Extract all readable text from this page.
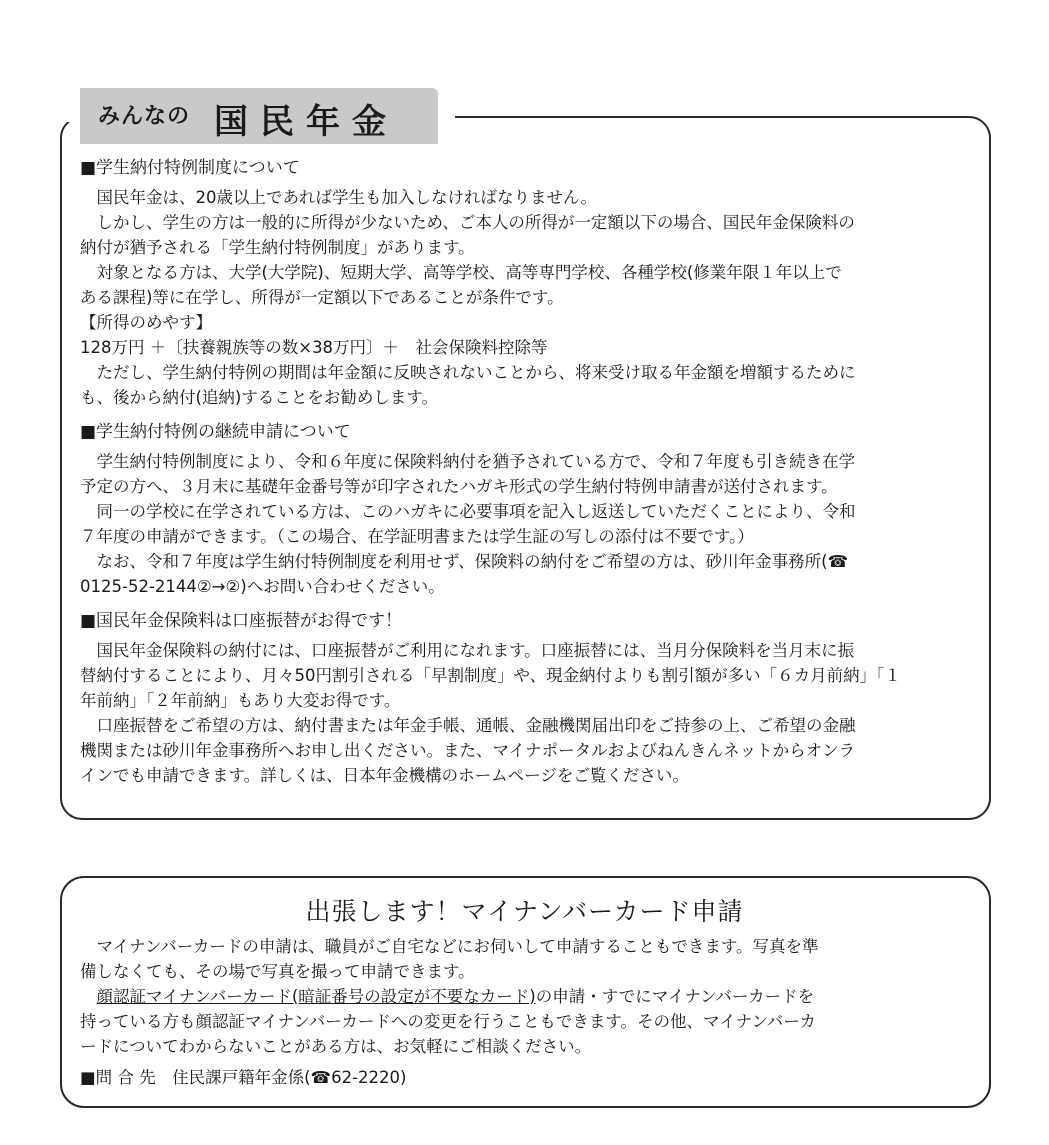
みんなの 国民年金

■学生納付特例制度について

国民年金は、20歳以上であれば学生も加入しなければなりません。

しかし、学生の方は一般的に所得が少ないため、ご本人の所得が一定額以下の場合、国民年金保険料の

納付が猶予される「学生納付特例制度」があります。

対象となる方は、大学(大学院)、短期大学、高等学校、高等専門学校、各種学校(修業年限１年以上で

ある課程)等に在学し、所得が一定額以下であることが条件です。

【所得のめやす】

128万円 ＋〔扶養親族等の数×38万円〕＋　社会保険料控除等

ただし、学生納付特例の期間は年金額に反映されないことから、将来受け取る年金額を増額するために

も、後から納付(追納)することをお勧めします。

■学生納付特例の継続申請について

学生納付特例制度により、令和６年度に保険料納付を猶予されている方で、令和７年度も引き続き在学

予定の方へ、３月末に基礎年金番号等が印字されたハガキ形式の学生納付特例申請書が送付されます。

同一の学校に在学されている方は、このハガキに必要事項を記入し返送していただくことにより、令和

７年度の申請ができます。（この場合、在学証明書または学生証の写しの添付は不要です。）

なお、令和７年度は学生納付特例制度を利用せず、保険料の納付をご希望の方は、砂川年金事務所(☎

0125-52-2144②→②)へお問い合わせください。

■国民年金保険料は口座振替がお得です！

国民年金保険料の納付には、口座振替がご利用になれます。口座振替には、当月分保険料を当月末に振

替納付することにより、月々50円割引される「早割制度」や、現金納付よりも割引額が多い「６カ月前納」「１

年前納」「２年前納」もあり大変お得です。

口座振替をご希望の方は、納付書または年金手帳、通帳、金融機関届出印をご持参の上、ご希望の金融

機関または砂川年金事務所へお申し出ください。また、マイナポータルおよびねんきんネットからオンラ

インでも申請できます。詳しくは、日本年金機構のホームページをご覧ください。

出張します！マイナンバーカード申請

マイナンバーカードの申請は、職員がご自宅などにお伺いして申請することもできます。写真を準

備しなくても、その場で写真を撮って申請できます。

顔認証マイナンバーカード(暗証番号の設定が不要なカード)の申請・すでにマイナンバーカードを

持っている方も顔認証マイナンバーカードへの変更を行うこともできます。その他、マイナンバーカ

ードについてわからないことがある方は、お気軽にご相談ください。

■問 合 先　住民課戸籍年金係(☎62-2220)
